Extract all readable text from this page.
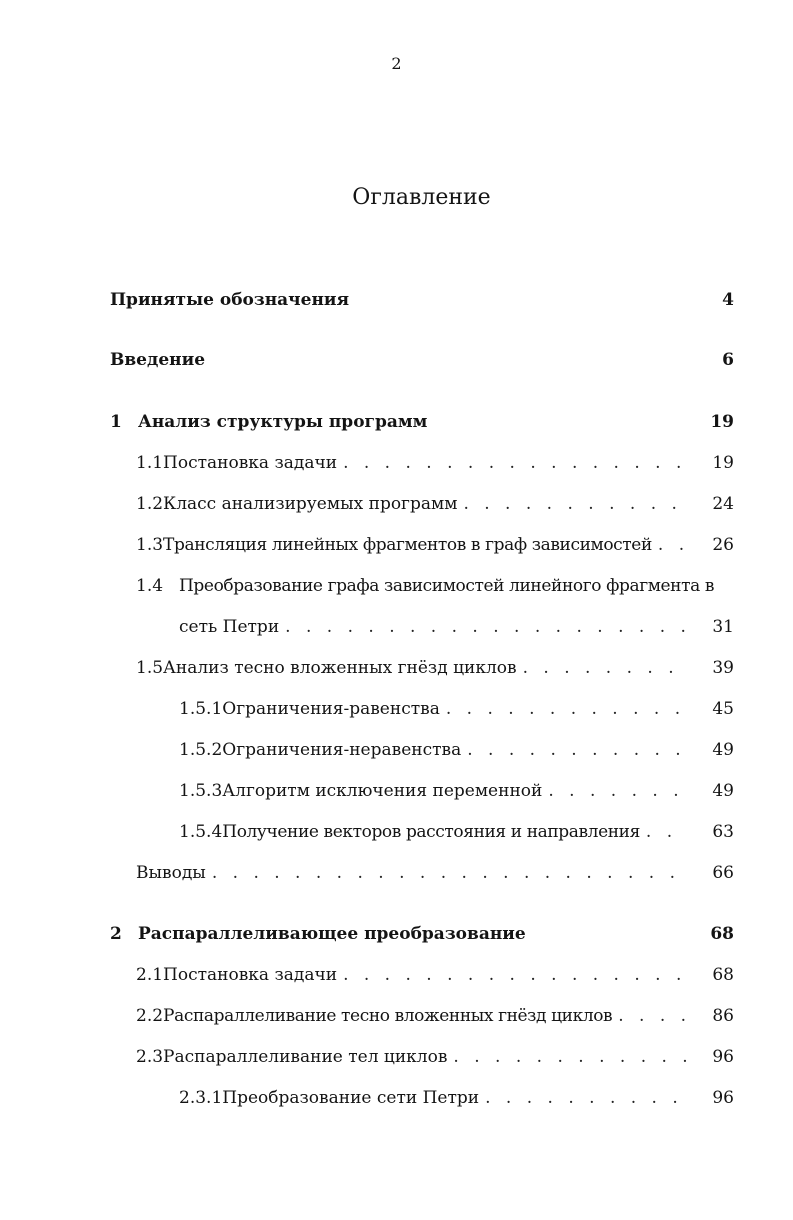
2
Оглавление
Принятые обозначения	4
Введение	6
1 Анализ структуры программ	19
1.1 Постановка задачи . . .	19
1.2 Класс анализируемых программ . . .	24
1.3 Трансляция линейных фрагментов в граф зависимостей . . .	26
1.4 Преобразование графа зависимостей линейного фрагмента в
сеть Петри . . .	31
1.5 Анализ тесно вложенных гнёзд циклов . . .	39
1.5.1 Ограничения-равенства . . .	45
1.5.2 Ограничения-неравенства . . .	49
1.5.3 Алгоритм исключения переменной . . .	49
1.5.4 Получение векторов расстояния и направления . . .	63
Выводы . . .	66
2 Распараллеливающее преобразование	68
2.1 Постановка задачи . . .	68
2.2 Распараллеливание тесно вложенных гнёзд циклов . . .	86
2.3 Распараллеливание тел циклов . . .	96
2.3.1 Преобразование сети Петри . . .	96
